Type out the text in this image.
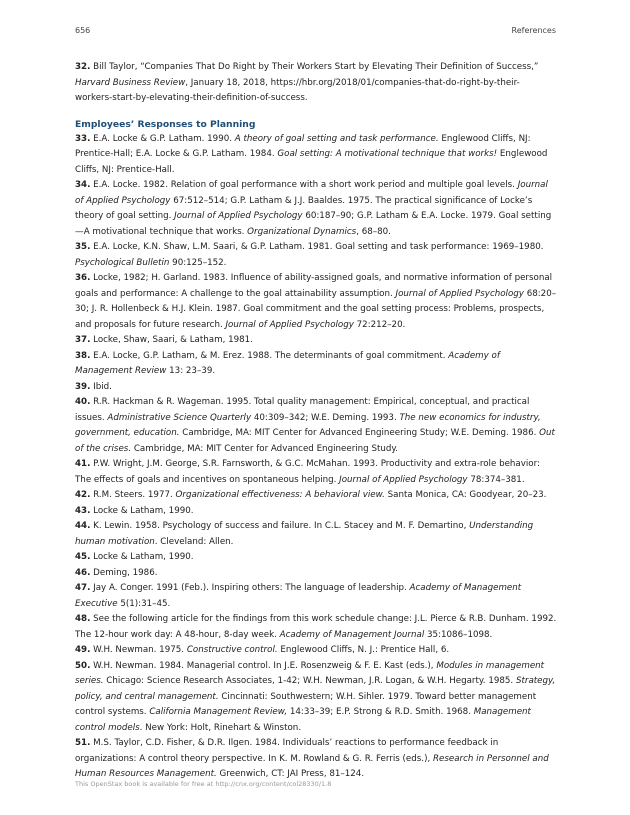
656	References

32. Bill Taylor, “Companies That Do Right by Their Workers Start by Elevating Their Definition of Success,” Harvard Business Review, January 18, 2018, https://hbr.org/2018/01/companies-that-do-right-by-their-workers-start-by-elevating-their-definition-of-success.

Employees’ Responses to Planning

33. E.A. Locke & G.P. Latham. 1990. A theory of goal setting and task performance. Englewood Cliffs, NJ: Prentice-Hall; E.A. Locke & G.P. Latham. 1984. Goal setting: A motivational technique that works! Englewood Cliffs, NJ: Prentice-Hall.

34. E.A. Locke. 1982. Relation of goal performance with a short work period and multiple goal levels. Journal of Applied Psychology 67:512–514; G.P. Latham & J.J. Baaldes. 1975. The practical significance of Locke’s theory of goal setting. Journal of Applied Psychology 60:187–90; G.P. Latham & E.A. Locke. 1979. Goal setting—A motivational technique that works. Organizational Dynamics, 68–80.

35. E.A. Locke, K.N. Shaw, L.M. Saari, & G.P. Latham. 1981. Goal setting and task performance: 1969–1980. Psychological Bulletin 90:125–152.

36. Locke, 1982; H. Garland. 1983. Influence of ability-assigned goals, and normative information of personal goals and performance: A challenge to the goal attainability assumption. Journal of Applied Psychology 68:20–30; J. R. Hollenbeck & H.J. Klein. 1987. Goal commitment and the goal setting process: Problems, prospects, and proposals for future research. Journal of Applied Psychology 72:212–20.

37. Locke, Shaw, Saari, & Latham, 1981.

38. E.A. Locke, G.P. Latham, & M. Erez. 1988. The determinants of goal commitment. Academy of Management Review 13: 23–39.

39. Ibid.

40. R.R. Hackman & R. Wageman. 1995. Total quality management: Empirical, conceptual, and practical issues. Administrative Science Quarterly 40:309–342; W.E. Deming. 1993. The new economics for industry, government, education. Cambridge, MA: MIT Center for Advanced Engineering Study; W.E. Deming. 1986. Out of the crises. Cambridge, MA: MIT Center for Advanced Engineering Study.

41. P.W. Wright, J.M. George, S.R. Farnsworth, & G.C. McMahan. 1993. Productivity and extra-role behavior: The effects of goals and incentives on spontaneous helping. Journal of Applied Psychology 78:374–381.

42. R.M. Steers. 1977. Organizational effectiveness: A behavioral view. Santa Monica, CA: Goodyear, 20–23.

43. Locke & Latham, 1990.

44. K. Lewin. 1958. Psychology of success and failure. In C.L. Stacey and M. F. Demartino, Understanding human motivation. Cleveland: Allen.

45. Locke & Latham, 1990.

46. Deming, 1986.

47. Jay A. Conger. 1991 (Feb.). Inspiring others: The language of leadership. Academy of Management Executive 5(1):31–45.

48. See the following article for the findings from this work schedule change: J.L. Pierce & R.B. Dunham. 1992. The 12-hour work day: A 48-hour, 8-day week. Academy of Management Journal 35:1086–1098.

49. W.H. Newman. 1975. Constructive control. Englewood Cliffs, N. J.: Prentice Hall, 6.

50. W.H. Newman. 1984. Managerial control. In J.E. Rosenzweig & F. E. Kast (eds.), Modules in management series. Chicago: Science Research Associates, 1-42; W.H. Newman, J.R. Logan, & W.H. Hegarty. 1985. Strategy, policy, and central management. Cincinnati: Southwestern; W.H. Sihler. 1979. Toward better management control systems. California Management Review, 14:33–39; E.P. Strong & R.D. Smith. 1968. Management control models. New York: Holt, Rinehart & Winston.

51. M.S. Taylor, C.D. Fisher, & D.R. Ilgen. 1984. Individuals’ reactions to performance feedback in organizations: A control theory perspective. In K. M. Rowland & G. R. Ferris (eds.), Research in Personnel and Human Resources Management. Greenwich, CT: JAI Press, 81–124.

This OpenStax book is available for free at http://cnx.org/content/col28330/1.8
